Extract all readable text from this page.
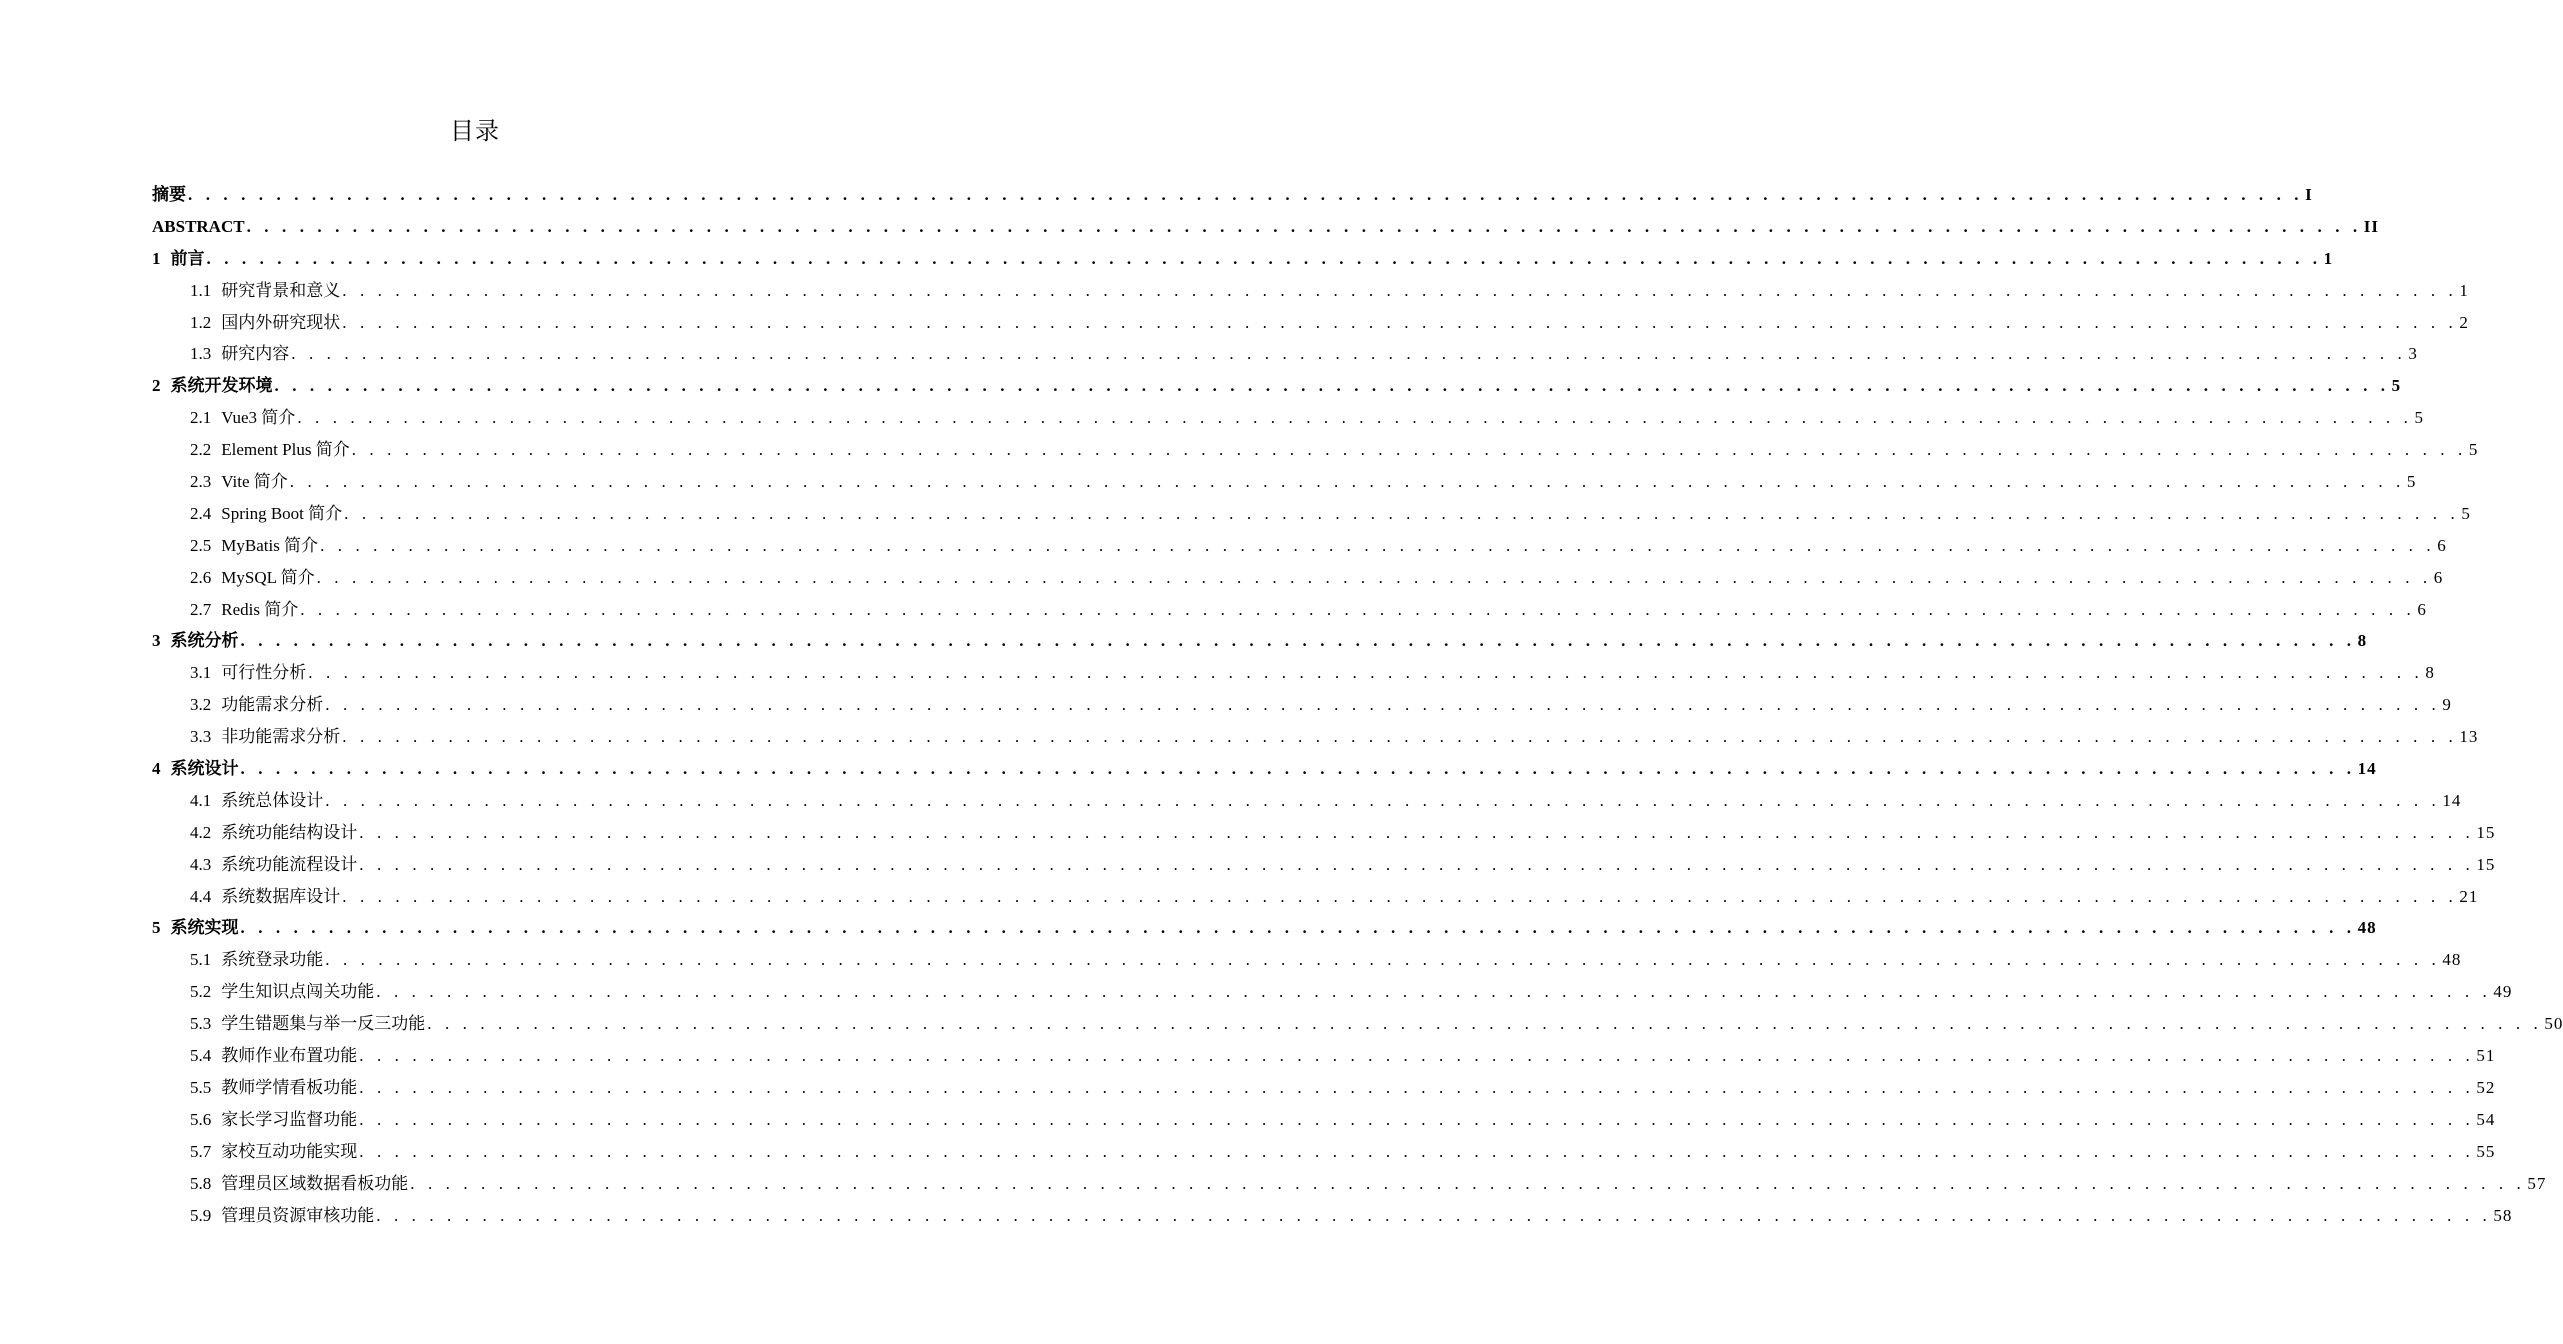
目录
摘要 . . . . . . . . . . . . . . . . . . . . . . . . . . . . . . . . . . . . . . . . . . . . . . . . . . . . . . . . . . . . . . . . . . . . . . . . . . . . . . . . . . . . . . . . . . . . . . . . . . . . . . . . . . . . . . . . . . . . . . . . I
ABSTRACT . . . . . . . . . . . . . . . . . . . . . . . . . . . . . . . . . . . . . . . . . . . . . . . . . . . . . . . . . . . . . . . . . . . . . . . . . . . . . . . . . . . . . . . . . . . . . . . . . . . . . . . . . . . . . . . . . . . . . . . . II
1 前言 . . . . . . . . . . . . . . . . . . . . . . . . . . . . . . . . . . . . . . . . . . . . . . . . . . . . . . . . . . . . . . . . . . . . . . . . . . . . . . . . . . . . . . . . . . . . . . . . . . . . . . . . . . . . . . . . . . . . . . . . 1
1.1 研究背景和意义 . . . . . . . . . . . . . . . . . . . . . . . . . . . . . . . . . . . . . . . . . . . . . . . . . . . . . . . . . . . . . . . . . . . . . . . . . . . . . . . . . . . . . . . . . . . . . . . . . . . . . . . . . . . . . . . . . . . . . . . . 1
1.2 国内外研究现状 . . . . . . . . . . . . . . . . . . . . . . . . . . . . . . . . . . . . . . . . . . . . . . . . . . . . . . . . . . . . . . . . . . . . . . . . . . . . . . . . . . . . . . . . . . . . . . . . . . . . . . . . . . . . . . . . . . . . . . . . 2
1.3 研究内容 . . . . . . . . . . . . . . . . . . . . . . . . . . . . . . . . . . . . . . . . . . . . . . . . . . . . . . . . . . . . . . . . . . . . . . . . . . . . . . . . . . . . . . . . . . . . . . . . . . . . . . . . . . . . . . . . . . . . . . . . 3
2 系统开发环境 . . . . . . . . . . . . . . . . . . . . . . . . . . . . . . . . . . . . . . . . . . . . . . . . . . . . . . . . . . . . . . . . . . . . . . . . . . . . . . . . . . . . . . . . . . . . . . . . . . . . . . . . . . . . . . . . . . . . . . . . 5
2.1 Vue3 简介 . . . . . . . . . . . . . . . . . . . . . . . . . . . . . . . . . . . . . . . . . . . . . . . . . . . . . . . . . . . . . . . . . . . . . . . . . . . . . . . . . . . . . . . . . . . . . . . . . . . . . . . . . . . . . . . . . . . . . . . . 5
2.2 Element Plus 简介 . . . . . . . . . . . . . . . . . . . . . . . . . . . . . . . . . . . . . . . . . . . . . . . . . . . . . . . . . . . . . . . . . . . . . . . . . . . . . . . . . . . . . . . . . . . . . . . . . . . . . . . . . . . . . . . . . . . . . . . . 5
2.3 Vite 简介 . . . . . . . . . . . . . . . . . . . . . . . . . . . . . . . . . . . . . . . . . . . . . . . . . . . . . . . . . . . . . . . . . . . . . . . . . . . . . . . . . . . . . . . . . . . . . . . . . . . . . . . . . . . . . . . . . . . . . . . . 5
2.4 Spring Boot 简介 . . . . . . . . . . . . . . . . . . . . . . . . . . . . . . . . . . . . . . . . . . . . . . . . . . . . . . . . . . . . . . . . . . . . . . . . . . . . . . . . . . . . . . . . . . . . . . . . . . . . . . . . . . . . . . . . . . . . . . . . 5
2.5 MyBatis 简介 . . . . . . . . . . . . . . . . . . . . . . . . . . . . . . . . . . . . . . . . . . . . . . . . . . . . . . . . . . . . . . . . . . . . . . . . . . . . . . . . . . . . . . . . . . . . . . . . . . . . . . . . . . . . . . . . . . . . . . . . 6
2.6 MySQL 简介 . . . . . . . . . . . . . . . . . . . . . . . . . . . . . . . . . . . . . . . . . . . . . . . . . . . . . . . . . . . . . . . . . . . . . . . . . . . . . . . . . . . . . . . . . . . . . . . . . . . . . . . . . . . . . . . . . . . . . . . . 6
2.7 Redis 简介 . . . . . . . . . . . . . . . . . . . . . . . . . . . . . . . . . . . . . . . . . . . . . . . . . . . . . . . . . . . . . . . . . . . . . . . . . . . . . . . . . . . . . . . . . . . . . . . . . . . . . . . . . . . . . . . . . . . . . . . . 6
3 系统分析 . . . . . . . . . . . . . . . . . . . . . . . . . . . . . . . . . . . . . . . . . . . . . . . . . . . . . . . . . . . . . . . . . . . . . . . . . . . . . . . . . . . . . . . . . . . . . . . . . . . . . . . . . . . . . . . . . . . . . . . . 8
3.1 可行性分析 . . . . . . . . . . . . . . . . . . . . . . . . . . . . . . . . . . . . . . . . . . . . . . . . . . . . . . . . . . . . . . . . . . . . . . . . . . . . . . . . . . . . . . . . . . . . . . . . . . . . . . . . . . . . . . . . . . . . . . . . 8
3.2 功能需求分析 . . . . . . . . . . . . . . . . . . . . . . . . . . . . . . . . . . . . . . . . . . . . . . . . . . . . . . . . . . . . . . . . . . . . . . . . . . . . . . . . . . . . . . . . . . . . . . . . . . . . . . . . . . . . . . . . . . . . . . . . 9
3.3 非功能需求分析 . . . . . . . . . . . . . . . . . . . . . . . . . . . . . . . . . . . . . . . . . . . . . . . . . . . . . . . . . . . . . . . . . . . . . . . . . . . . . . . . . . . . . . . . . . . . . . . . . . . . . . . . . . . . . . . . . . . . . . . . 13
4 系统设计 . . . . . . . . . . . . . . . . . . . . . . . . . . . . . . . . . . . . . . . . . . . . . . . . . . . . . . . . . . . . . . . . . . . . . . . . . . . . . . . . . . . . . . . . . . . . . . . . . . . . . . . . . . . . . . . . . . . . . . . . 14
4.1 系统总体设计 . . . . . . . . . . . . . . . . . . . . . . . . . . . . . . . . . . . . . . . . . . . . . . . . . . . . . . . . . . . . . . . . . . . . . . . . . . . . . . . . . . . . . . . . . . . . . . . . . . . . . . . . . . . . . . . . . . . . . . . . 14
4.2 系统功能结构设计 . . . . . . . . . . . . . . . . . . . . . . . . . . . . . . . . . . . . . . . . . . . . . . . . . . . . . . . . . . . . . . . . . . . . . . . . . . . . . . . . . . . . . . . . . . . . . . . . . . . . . . . . . . . . . . . . . . . . . . . . 15
4.3 系统功能流程设计 . . . . . . . . . . . . . . . . . . . . . . . . . . . . . . . . . . . . . . . . . . . . . . . . . . . . . . . . . . . . . . . . . . . . . . . . . . . . . . . . . . . . . . . . . . . . . . . . . . . . . . . . . . . . . . . . . . . . . . . . 15
4.4 系统数据库设计 . . . . . . . . . . . . . . . . . . . . . . . . . . . . . . . . . . . . . . . . . . . . . . . . . . . . . . . . . . . . . . . . . . . . . . . . . . . . . . . . . . . . . . . . . . . . . . . . . . . . . . . . . . . . . . . . . . . . . . . . 21
5 系统实现 . . . . . . . . . . . . . . . . . . . . . . . . . . . . . . . . . . . . . . . . . . . . . . . . . . . . . . . . . . . . . . . . . . . . . . . . . . . . . . . . . . . . . . . . . . . . . . . . . . . . . . . . . . . . . . . . . . . . . . . . 48
5.1 系统登录功能 . . . . . . . . . . . . . . . . . . . . . . . . . . . . . . . . . . . . . . . . . . . . . . . . . . . . . . . . . . . . . . . . . . . . . . . . . . . . . . . . . . . . . . . . . . . . . . . . . . . . . . . . . . . . . . . . . . . . . . . . 48
5.2 学生知识点闯关功能 . . . . . . . . . . . . . . . . . . . . . . . . . . . . . . . . . . . . . . . . . . . . . . . . . . . . . . . . . . . . . . . . . . . . . . . . . . . . . . . . . . . . . . . . . . . . . . . . . . . . . . . . . . . . . . . . . . . . . . . . 49
5.3 学生错题集与举一反三功能 . . . . . . . . . . . . . . . . . . . . . . . . . . . . . . . . . . . . . . . . . . . . . . . . . . . . . . . . . . . . . . . . . . . . . . . . . . . . . . . . . . . . . . . . . . . . . . . . . . . . . . . . . . . . . . . . . . . . . . . . 50
5.4 教师作业布置功能 . . . . . . . . . . . . . . . . . . . . . . . . . . . . . . . . . . . . . . . . . . . . . . . . . . . . . . . . . . . . . . . . . . . . . . . . . . . . . . . . . . . . . . . . . . . . . . . . . . . . . . . . . . . . . . . . . . . . . . . . 51
5.5 教师学情看板功能 . . . . . . . . . . . . . . . . . . . . . . . . . . . . . . . . . . . . . . . . . . . . . . . . . . . . . . . . . . . . . . . . . . . . . . . . . . . . . . . . . . . . . . . . . . . . . . . . . . . . . . . . . . . . . . . . . . . . . . . . 52
5.6 家长学习监督功能 . . . . . . . . . . . . . . . . . . . . . . . . . . . . . . . . . . . . . . . . . . . . . . . . . . . . . . . . . . . . . . . . . . . . . . . . . . . . . . . . . . . . . . . . . . . . . . . . . . . . . . . . . . . . . . . . . . . . . . . . 54
5.7 家校互动功能实现 . . . . . . . . . . . . . . . . . . . . . . . . . . . . . . . . . . . . . . . . . . . . . . . . . . . . . . . . . . . . . . . . . . . . . . . . . . . . . . . . . . . . . . . . . . . . . . . . . . . . . . . . . . . . . . . . . . . . . . . . 55
5.8 管理员区域数据看板功能 . . . . . . . . . . . . . . . . . . . . . . . . . . . . . . . . . . . . . . . . . . . . . . . . . . . . . . . . . . . . . . . . . . . . . . . . . . . . . . . . . . . . . . . . . . . . . . . . . . . . . . . . . . . . . . . . . . . . . . . . 57
5.9 管理员资源审核功能 . . . . . . . . . . . . . . . . . . . . . . . . . . . . . . . . . . . . . . . . . . . . . . . . . . . . . . . . . . . . . . . . . . . . . . . . . . . . . . . . . . . . . . . . . . . . . . . . . . . . . . . . . . . . . . . . . . . . . . . . 58
